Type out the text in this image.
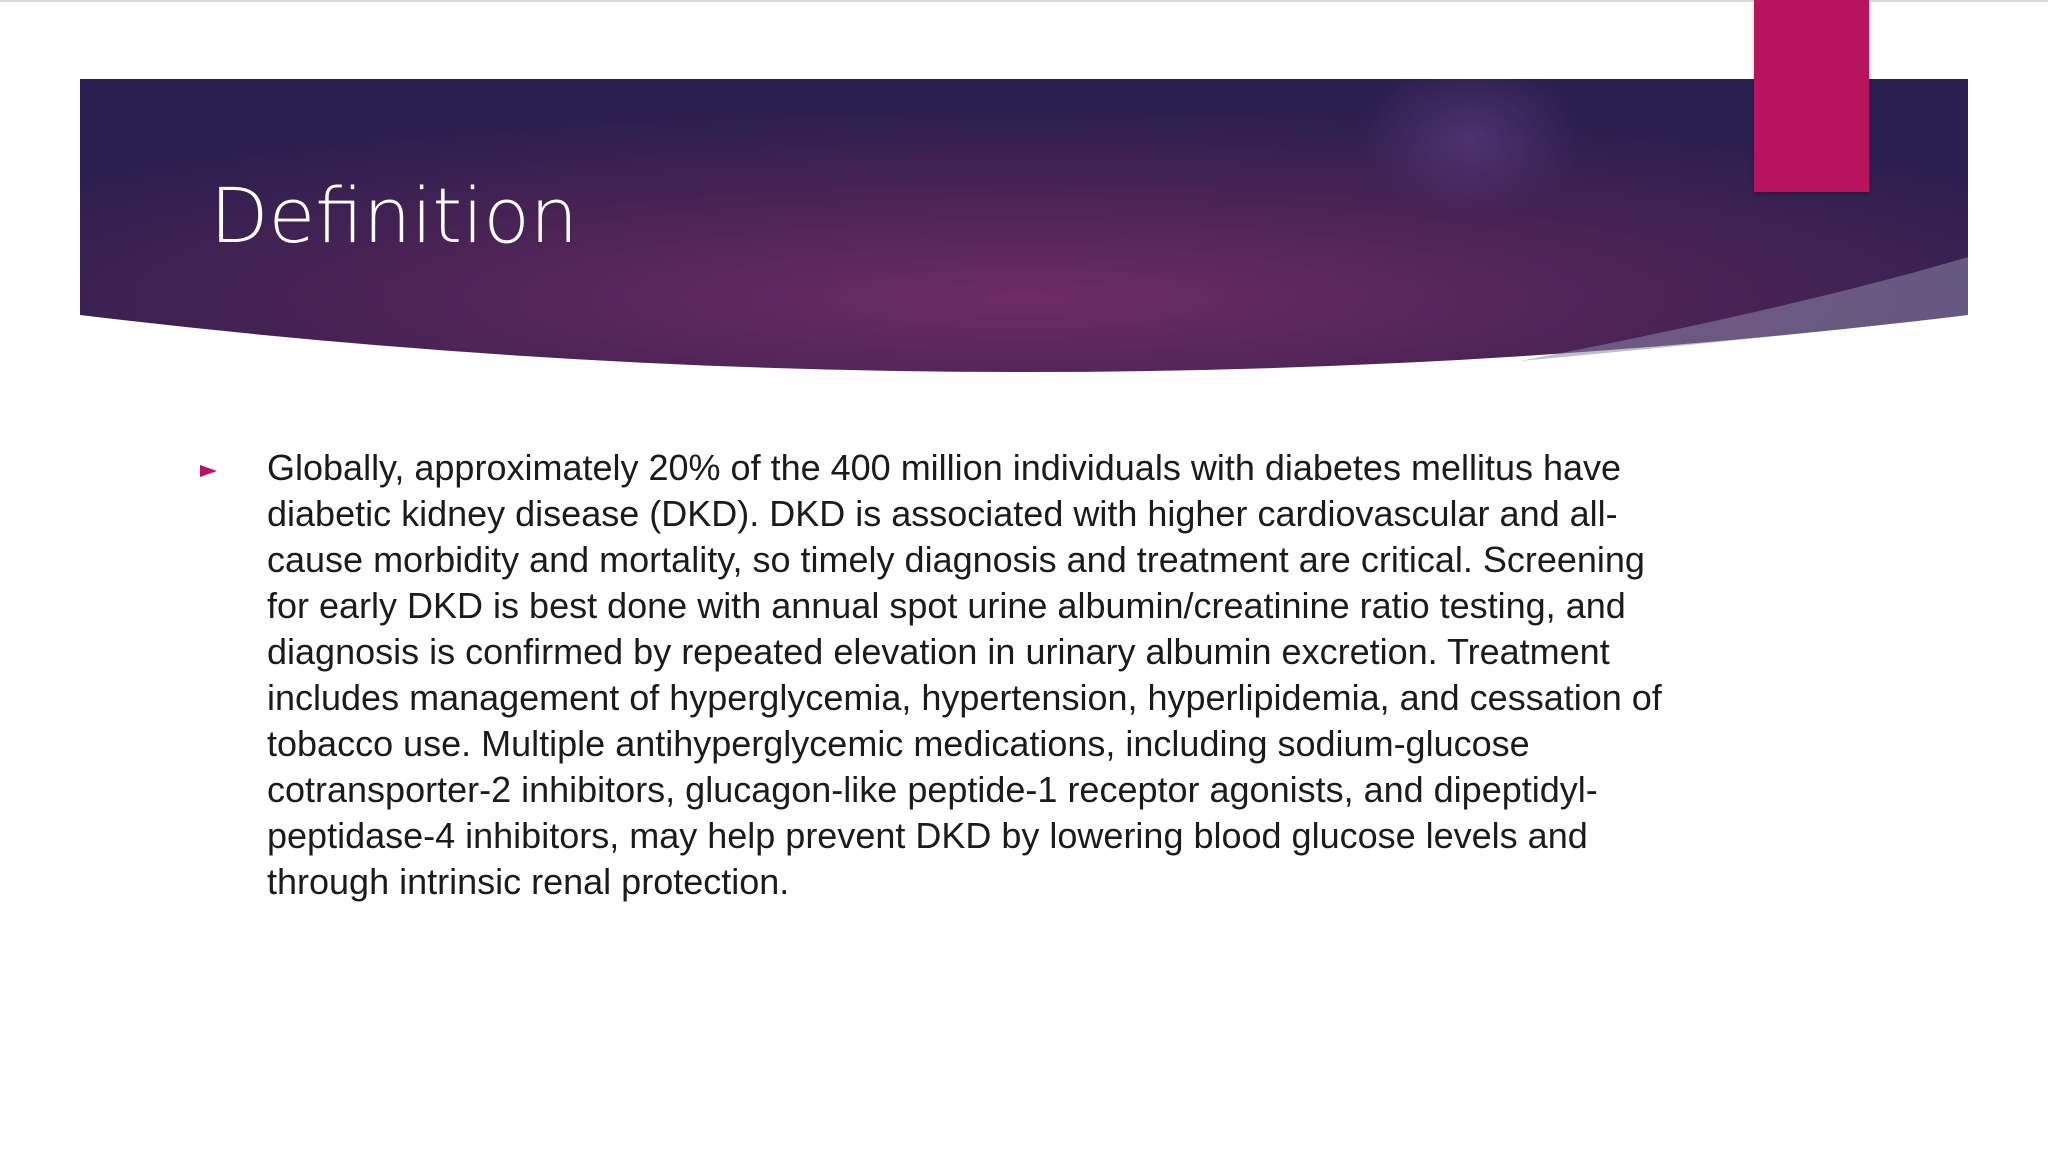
Definition

Globally, approximately 20% of the 400 million individuals with diabetes mellitus have diabetic kidney disease (DKD). DKD is associated with higher cardiovascular and all-cause morbidity and mortality, so timely diagnosis and treatment are critical. Screening for early DKD is best done with annual spot urine albumin/creatinine ratio testing, and diagnosis is confirmed by repeated elevation in urinary albumin excretion. Treatment includes management of hyperglycemia, hypertension, hyperlipidemia, and cessation of tobacco use. Multiple antihyperglycemic medications, including sodium-glucose cotransporter-2 inhibitors, glucagon-like peptide-1 receptor agonists, and dipeptidyl-peptidase-4 inhibitors, may help prevent DKD by lowering blood glucose levels and through intrinsic renal protection.
